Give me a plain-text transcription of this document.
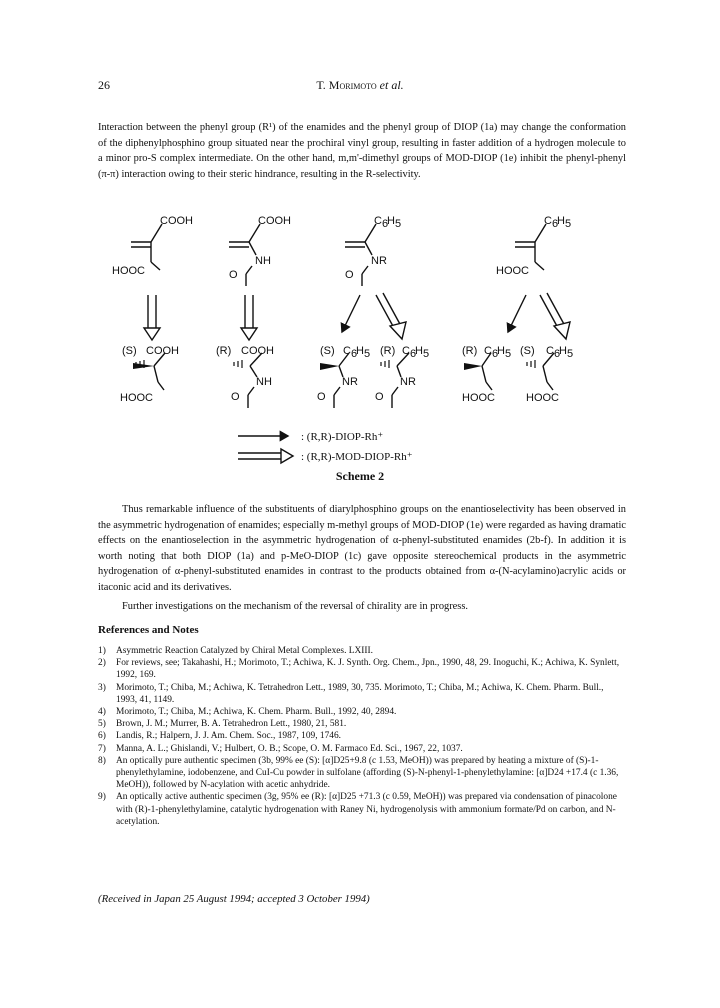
26	T. Morimoto et al.

Interaction between the phenyl group (R¹) of the enamides and the phenyl group of DIOP (1a) may change the conformation of the diphenylphosphino group situated near the prochiral vinyl group, resulting in faster addition of a hydrogen molecule to a minor pro-S complex intermediate. On the other hand, m,m'-dimethyl groups of MOD-DIOP (1e) inhibit the phenyl-phenyl (π-π) interaction owing to their steric hindrance, resulting in the R-selectivity.

COOH
HOOC
COOH
NH
O
C 6
H 5
NR
O
C 6
H 5
HOOC
(S) COOH
HOOC
(R) COOH
NH
O
(S) C 6
H 5
NR
O
(R) C 6
H 5
NR
O
(R) C 6
H 5
HOOC
(S) C 6
H 5
HOOC
: (R,R)-DIOP-Rh⁺
: (R,R)-MOD-DIOP-Rh⁺

Scheme 2

Thus remarkable influence of the substituents of diarylphosphino groups on the enantioselectivity has been observed in the asymmetric hydrogenation of enamides; especially m-methyl groups of MOD-DIOP (1e) were regarded as having dramatic effects on the enantioselection in the asymmetric hydrogenation of α-phenyl-substituted enamides (2b-f). In addition it is worth noting that both DIOP (1a) and p-MeO-DIOP (1c) gave opposite stereochemical products in the asymmetric hydrogenation of α-phenyl-substituted enamides in contrast to the products obtained from α-(N-acylamino)acrylic acids or itaconic acid and its derivatives.

Further investigations on the mechanism of the reversal of chirality are in progress.

References and Notes

1) Asymmetric Reaction Catalyzed by Chiral Metal Complexes. LXIII.
2) For reviews, see; Takahashi, H.; Morimoto, T.; Achiwa, K. J. Synth. Org. Chem., Jpn., 1990, 48, 29. Inoguchi, K.; Achiwa, K. Synlett, 1992, 169.
3) Morimoto, T.; Chiba, M.; Achiwa, K. Tetrahedron Lett., 1989, 30, 735. Morimoto, T.; Chiba, M.; Achiwa, K. Chem. Pharm. Bull., 1993, 41, 1149.
4) Morimoto, T.; Chiba, M.; Achiwa, K. Chem. Pharm. Bull., 1992, 40, 2894.
5) Brown, J. M.; Murrer, B. A. Tetrahedron Lett., 1980, 21, 581.
6) Landis, R.; Halpern, J. J. Am. Chem. Soc., 1987, 109, 1746.
7) Manna, A. L.; Ghislandi, V.; Hulbert, O. B.; Scope, O. M. Farmaco Ed. Sci., 1967, 22, 1037.
8) An optically pure authentic specimen (3b, 99% ee (S): [α]D25+9.8 (c 1.53, MeOH)) was prepared by heating a mixture of (S)-1-phenylethylamine, iodobenzene, and CuI-Cu powder in sulfolane (affording (S)-N-phenyl-1-phenylethylamine: [α]D24 +17.4 (c 1.36, MeOH)), followed by N-acylation with acetic anhydride.
9) An optically active authentic specimen (3g, 95% ee (R): [α]D25 +71.3 (c 0.59, MeOH)) was prepared via condensation of pinacolone with (R)-1-phenylethylamine, catalytic hydrogenation with Raney Ni, hydrogenolysis with ammonium formate/Pd on carbon, and N-acetylation.

(Received in Japan 25 August 1994; accepted 3 October 1994)
